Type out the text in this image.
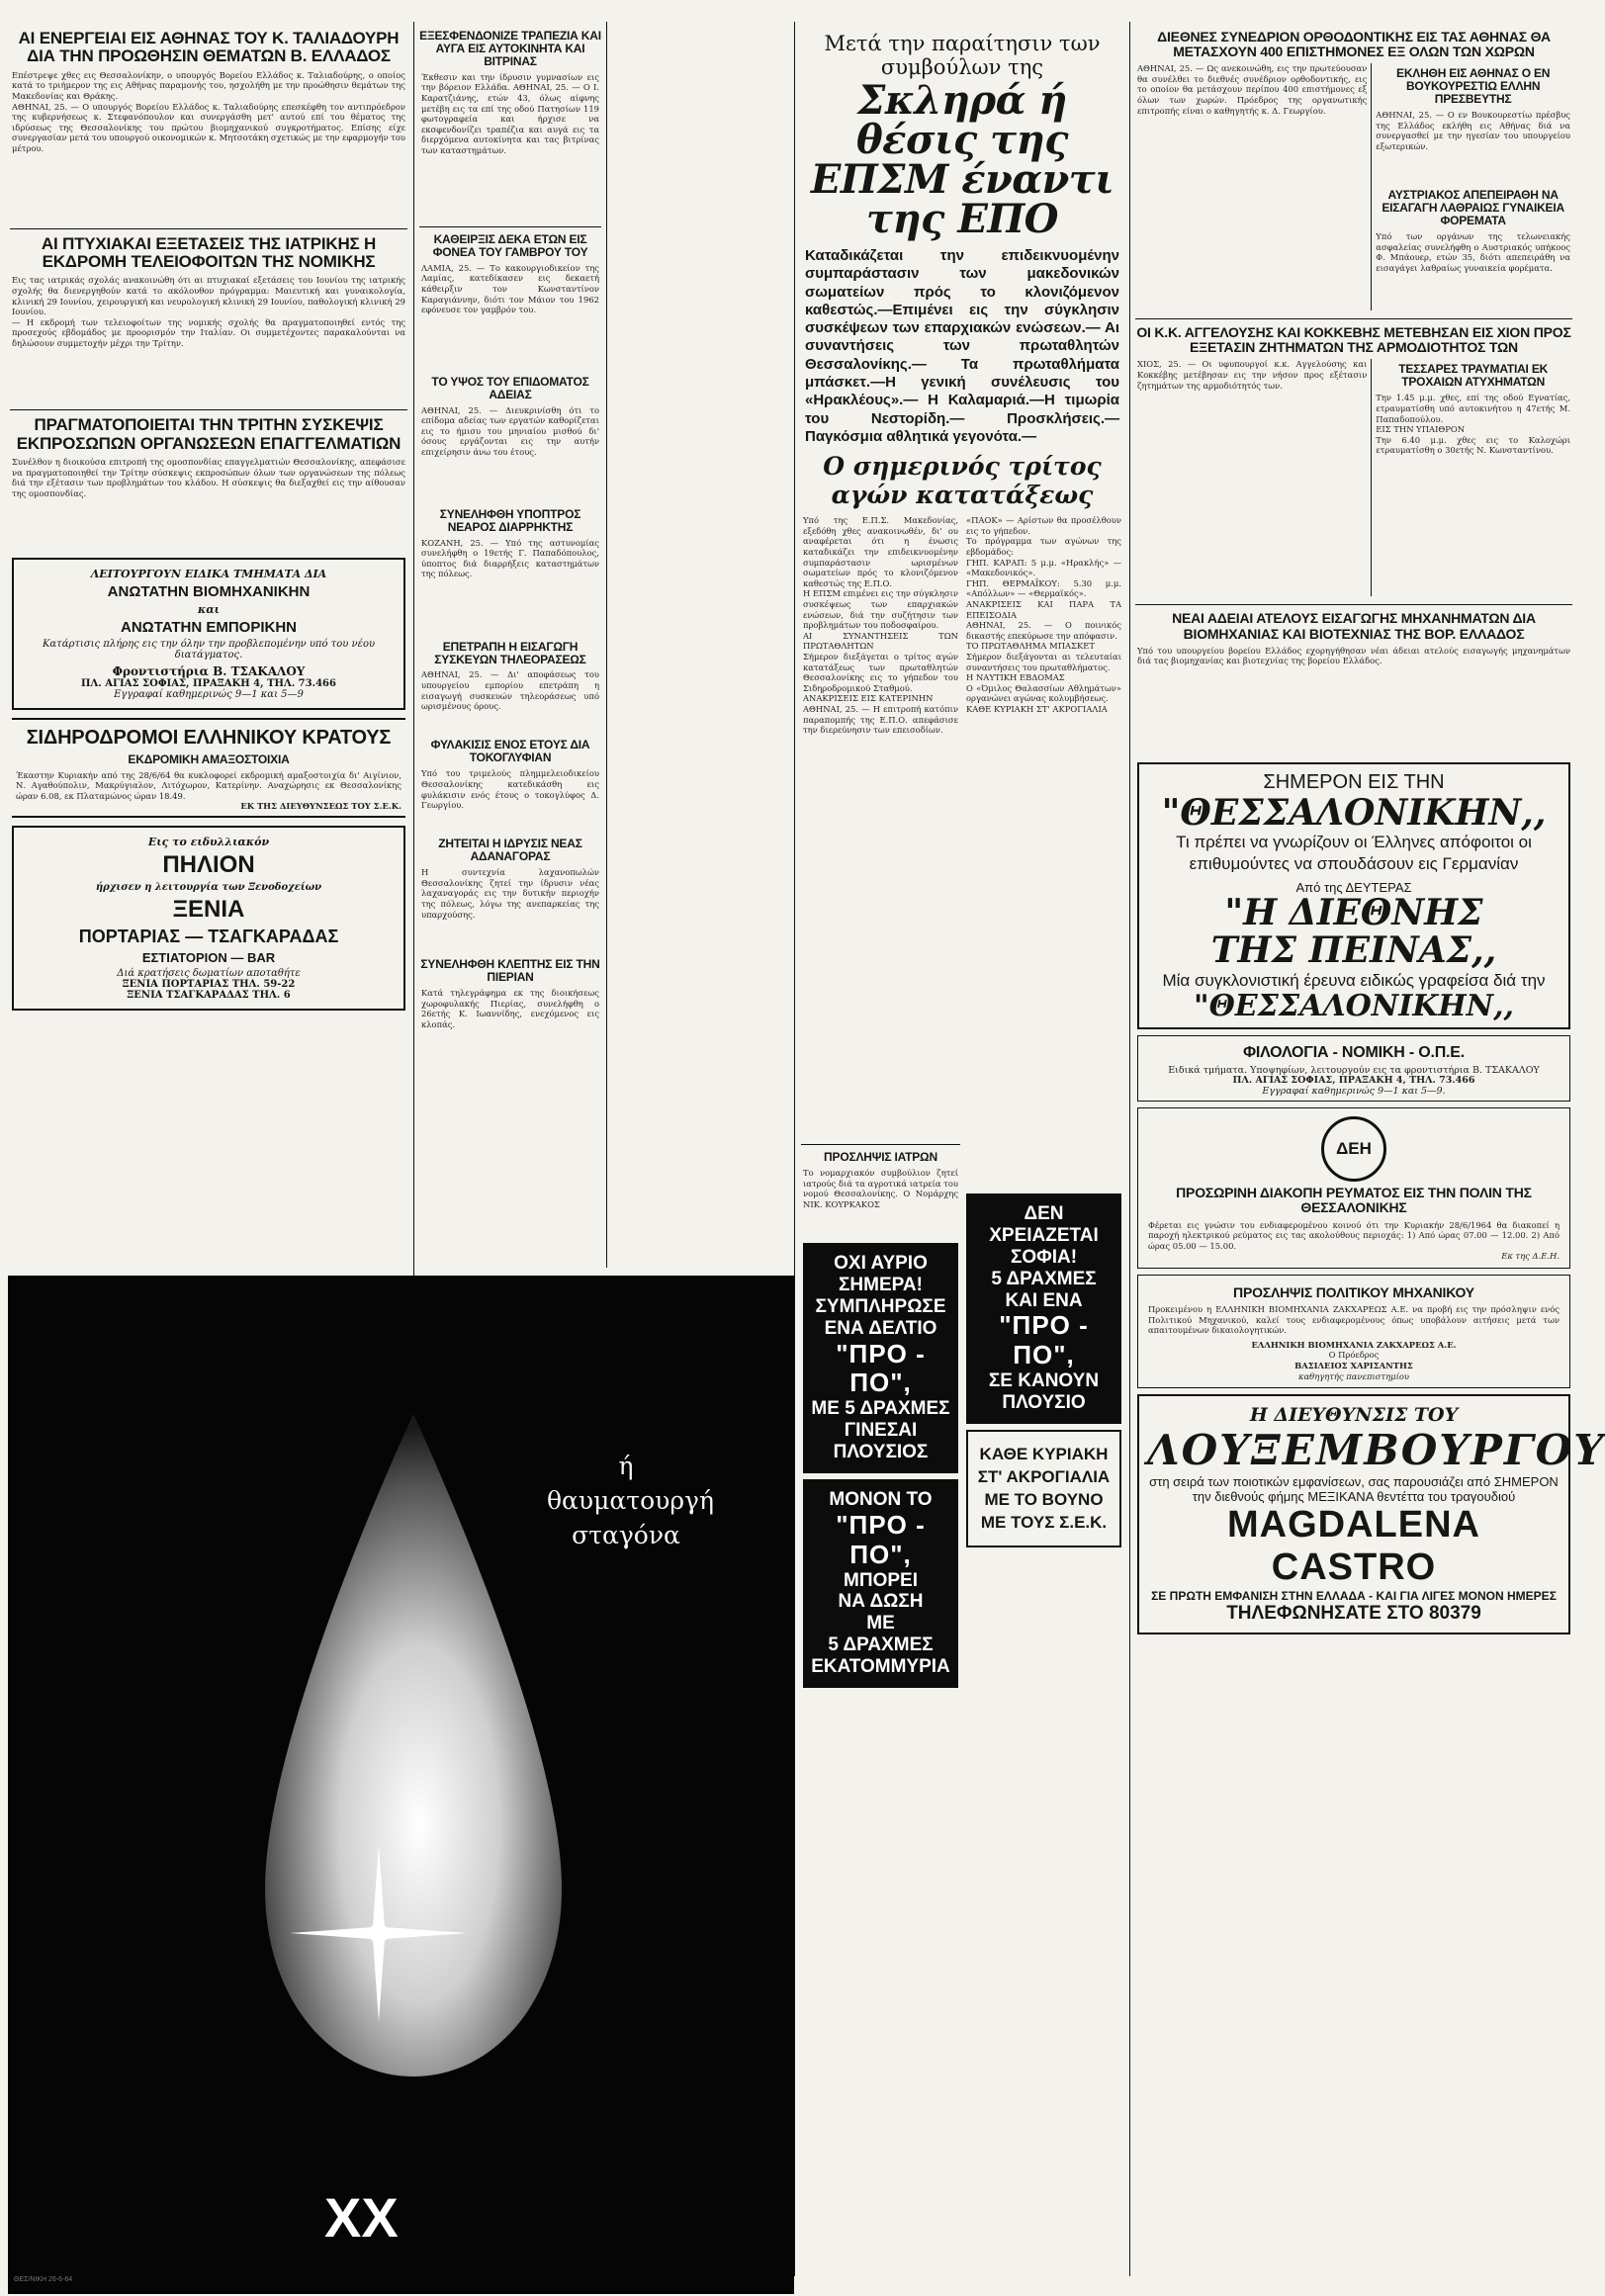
ΑΙ ΕΝΕΡΓΕΙΑΙ ΕΙΣ ΑΘΗΝΑΣ ΤΟΥ Κ. ΤΑΛΙΑΔΟΥΡΗ ΔΙΑ ΤΗΝ ΠΡΟΩΘΗΣΙΝ ΘΕΜΑΤΩΝ Β. ΕΛΛΑΔΟΣ
Επέστρεψε χθες εις Θεσσαλονίκην, ο υπουργός Βορείου Ελλάδος κ. Ταλιαδούρης, ο οποίος κατά το τριήμερον της εις Αθήνας παραμονής του, ησχολήθη με την προώθησιν θεμάτων της Μακεδονίας και Θράκης.
ΑΘΗΝΑΙ, 25. — Ο υπουργός Βορείου Ελλάδος κ. Ταλιαδούρης επεσκέφθη τον αντιπρόεδρον της κυβερνήσεως κ. Στεφανόπουλον και συνεργάσθη μετ' αυτού επί του θέματος της ιδρύσεως της Θεσσαλονίκης του πρώτου βιομηχανικού συγκροτήματος. Επίσης είχε συνεργασίαν μετά του υπουργού οικονομικών κ. Μητσοτάκη σχετικώς με την εφαρμογήν του μέτρου.
ΑΙ ΠΤΥΧΙΑΚΑΙ ΕΞΕΤΑΣΕΙΣ ΤΗΣ ΙΑΤΡΙΚΗΣ Η ΕΚΔΡΟΜΗ ΤΕΛΕΙΟΦΟΙΤΩΝ ΤΗΣ ΝΟΜΙΚΗΣ
Εις τας ιατρικάς σχολάς ανακοινώθη ότι αι πτυχιακαί εξετάσεις του Ιουνίου της ιατρικής σχολής θα διενεργηθούν κατά το ακόλουθον πρόγραμμα: Μαιευτική και γυναικολογία, κλινική 29 Ιουνίου, χειρουργική και νευρολογική κλινική 29 Ιουνίου, παθολογική κλινική 29 Ιουνίου.
— Η εκδρομή των τελειοφοίτων της νομικής σχολής θα πραγματοποιηθεί εντός της προσεχούς εβδομάδος με προορισμόν την Ιταλίαν. Οι συμμετέχοντες παρακαλούνται να δηλώσουν συμμετοχήν μέχρι την Τρίτην.
ΠΡΑΓΜΑΤΟΠΟΙΕΙΤΑΙ ΤΗΝ ΤΡΙΤΗΝ ΣΥΣΚΕΨΙΣ ΕΚΠΡΟΣΩΠΩΝ ΟΡΓΑΝΩΣΕΩΝ ΕΠΑΓΓΕΛΜΑΤΙΩΝ
Συνέλθον η διοικούσα επιτροπή της ομοσπονδίας επαγγελματιών Θεσσαλονίκης, απεφάσισε να πραγματοποιηθεί την Τρίτην σύσκεψις εκπροσώπων όλων των οργανώσεων της πόλεως διά την εξέτασιν των προβλημάτων του κλάδου. Η σύσκεψις θα διεξαχθεί εις την αίθουσαν της ομοσπονδίας.
ΛΕΙΤΟΥΡΓΟΥΝ ΕΙΔΙΚΑ ΤΜΗΜΑΤΑ ΔΙΑ
ΑΝΩΤΑΤΗΝ ΒΙΟΜΗΧΑΝΙΚΗΝ
και
ΑΝΩΤΑΤΗΝ ΕΜΠΟΡΙΚΗΝ
Κατάρτισις πλήρης εις την όλην την προβλεπομένην υπό του νέου διατάγματος.
Φροντιστήρια Β. ΤΣΑΚΑΛΟΥ
ΠΛ. ΑΓΙΑΣ ΣΟΦΙΑΣ, ΠΡΑΞΑΚΗ 4, ΤΗΛ. 73.466
Εγγραφαί καθημερινώς 9—1 και 5—9
ΣΙΔΗΡΟΔΡΟΜΟΙ ΕΛΛΗΝΙΚΟΥ ΚΡΑΤΟΥΣ
ΕΚΔΡΟΜΙΚΗ ΑΜΑΞΟΣΤΟΙΧΙΑ
Έκαστην Κυριακήν από της 28/6/64 θα κυκλοφορεί εκδρομική αμαξοστοιχία δι' Αιγίνιον, Ν. Αγαθούπολιν, Μακρύγιαλον, Λιτόχωρον, Κατερίνην. Αναχώρησις εκ Θεσσαλονίκης ώραν 6.08, εκ Πλαταμώνος ώραν 18.49.
ΕΚ ΤΗΣ ΔΙΕΥΘΥΝΣΕΩΣ ΤΟΥ Σ.Ε.Κ.
Εις το ειδυλλιακόν
ΠΗΛΙΟΝ
ήρχισεν η λειτουργία των Ξενοδοχείων
ΞΕΝΙΑ
ΠΟΡΤΑΡΙΑΣ — ΤΣΑΓΚΑΡΑΔΑΣ
ΕΣΤΙΑΤΟΡΙΟΝ — BAR
Διά κρατήσεις δωματίων αποταθήτε
ΞΕΝΙΑ ΠΟΡΤΑΡΙΑΣ ΤΗΛ. 59-22
ΞΕΝΙΑ ΤΣΑΓΚΑΡΑΔΑΣ ΤΗΛ. 6
ΕΞΕΣΦΕΝΔΟΝΙΖΕ ΤΡΑΠΕΖΙΑ ΚΑΙ ΑΥΓΑ ΕΙΣ ΑΥΤΟΚΙΝΗΤΑ ΚΑΙ ΒΙΤΡΙΝΑΣ
Έκθεσιν και την ίδρυσιν γυμνασίων εις την βόρειον Ελλάδα. ΑΘΗΝΑΙ, 25. — Ο Ι. Καρατζιάνης, ετών 43, όλως αίφνης μετέβη εις τα επί της οδού Πατησίων 119 φωτογραφεία και ήρχισε να εκσφενδονίζει τραπέζια και αυγά εις τα διερχόμενα αυτοκίνητα και τας βιτρίνας των καταστημάτων.
ΚΑΘΕΙΡΞΙΣ ΔΕΚΑ ΕΤΩΝ ΕΙΣ ΦΟΝΕΑ ΤΟΥ ΓΑΜΒΡΟΥ ΤΟΥ
ΛΑΜΙΑ, 25. — Το κακουργιοδικείον της Λαμίας, κατεδίκασεν εις δεκαετή κάθειρξιν τον Κωνσταντίνον Καραγιάννην, διότι τον Μάιον του 1962 εφόνευσε τον γαμβρόν του.
ΤΟ ΥΨΟΣ ΤΟΥ ΕΠΙΔΟΜΑΤΟΣ ΑΔΕΙΑΣ
ΑΘΗΝΑΙ, 25. — Διευκρινίσθη ότι το επίδομα αδείας των εργατών καθορίζεται εις το ήμισυ του μηνιαίου μισθού δι' όσους εργάζονται εις την αυτήν επιχείρησιν άνω του έτους.
ΣΥΝΕΛΗΦΘΗ ΥΠΟΠΤΡΟΣ ΝΕΑΡΟΣ ΔΙΑΡΡΗΚΤΗΣ
ΚΟΖΑΝΗ, 25. — Υπό της αστυνομίας συνελήφθη ο 19ετής Γ. Παπαδόπουλος, ύποπτος διά διαρρήξεις καταστημάτων της πόλεως.
ΕΠΕΤΡΑΠΗ Η ΕΙΣΑΓΩΓΗ ΣΥΣΚΕΥΩΝ ΤΗΛΕΟΡΑΣΕΩΣ
ΑΘΗΝΑΙ, 25. — Δι' αποφάσεως του υπουργείου εμπορίου επετράπη η εισαγωγή συσκευών τηλεοράσεως υπό ωρισμένους όρους.
ΦΥΛΑΚΙΣΙΣ ΕΝΟΣ ΕΤΟΥΣ ΔΙΑ ΤΟΚΟΓΛΥΦΙΑΝ
Υπό του τριμελούς πλημμελειοδικείου Θεσσαλονίκης κατεδικάσθη εις φυλάκισιν ενός έτους ο τοκογλύφος Δ. Γεωργίου.
ΖΗΤΕΙΤΑΙ Η ΙΔΡΥΣΙΣ ΝΕΑΣ ΑΔΑΝΑΓΟΡΑΣ
Η συντεχνία λαχανοπωλών Θεσσαλονίκης ζητεί την ίδρυσιν νέας λαχαναγοράς εις την δυτικήν περιοχήν της πόλεως, λόγω της ανεπαρκείας της υπαρχούσης.
ΣΥΝΕΛΗΦΘΗ ΚΛΕΠΤΗΣ ΕΙΣ ΤΗΝ ΠΙΕΡΙΑΝ
Κατά τηλεγράφημα εκ της διοικήσεως χωροφυλακής Πιερίας, συνελήφθη ο 26ετής Κ. Ιωαννίδης, ενεχόμενος εις κλοπάς.
Μετά την παραίτησιν των συμβούλων της
Σκληρά ή θέσις της ΕΠΣΜ έναντι της ΕΠΟ
Καταδικάζεται την επιδεικνυομένην συμπαράστασιν των μακεδονικών σωματείων πρός το κλονιζόμενον καθεστώς.—Επιμένει εις την σύγκλησιν συσκέψεων των επαρχιακών ενώσεων.— Αι συναντήσεις των πρωταθλητών Θεσσαλονίκης.— Τα πρωταθλήματα μπάσκετ.—Η γενική συνέλευσις του «Ηρακλέους».— Η Καλαμαριά.—Η τιμωρία του Νεστορίδη.— Προσκλήσεις.— Παγκόσμια αθλητικά γεγονότα.—
Ο σημερινός τρίτος αγών κατατάξεως
Υπό της Ε.Π.Σ. Μακεδονίας, εξεδόθη χθες ανακοινωθέν, δι' ου αναφέρεται ότι η ένωσις καταδικάζει την επιδεικνυομένην συμπαράστασιν ωρισμένων σωματείων πρός το κλονιζόμενον καθεστώς της Ε.Π.Ο.
Η ΕΠΣΜ επιμένει εις την σύγκλησιν συσκέψεως των επαρχιακών ενώσεων, διά την συζήτησιν των προβλημάτων του ποδοσφαίρου.
ΑΙ ΣΥΝΑΝΤΗΣΕΙΣ ΤΩΝ ΠΡΩΤΑΘΛΗΤΩΝ
Σήμερον διεξάγεται ο τρίτος αγών κατατάξεως των πρωταθλητών Θεσσαλονίκης εις το γήπεδον του Σιδηροδρομικού Σταθμού.
ΑΝΑΚΡΙΣΕΙΣ ΕΙΣ ΚΑΤΕΡΙΝΗΝ
ΑΘΗΝΑΙ, 25. — Η επιτροπή κατόπιν παραπομπής της Ε.Π.Ο. απεφάσισε την διερεύνησιν των επεισοδίων.
ΠΡΟΣΛΗΨΙΣ ΙΑΤΡΩΝ
Το νομαρχιακόν συμβούλιον ζητεί ιατρούς διά τα αγροτικά ιατρεία του νομού Θεσσαλονίκης. Ο Νομάρχης ΝΙΚ. ΚΟΥΡΚΑΚΟΣ
ΟΧΙ ΑΥΡΙΟ
ΣΗΜΕΡΑ!
ΣΥΜΠΛΗΡΩΣΕ
ΕΝΑ ΔΕΛΤΙΟ
"ΠΡΟ - ΠΟ",
ΜΕ 5 ΔΡΑΧΜΕΣ
ΓΙΝΕΣΑΙ
ΠΛΟΥΣΙΟΣ
ΜΟΝΟΝ ΤΟ
"ΠΡΟ - ΠΟ",
ΜΠΟΡΕΙ
ΝΑ ΔΩΣΗ
ΜΕ
5 ΔΡΑΧΜΕΣ
ΕΚΑΤΟΜΜΥΡΙΑ
«ΠΑΟΚ» — Αρίστων θα προσέλθουν εις το γήπεδον.
Το πρόγραμμα των αγώνων της εβδομάδος:
ΓΗΠ. ΚΑΡΑΠ: 5 μ.μ. «Ηρακλής» — «Μακεδονικός».
ΓΗΠ. ΘΕΡΜΑΪΚΟΥ: 5.30 μ.μ. «Απόλλων» — «Θερμαϊκός».
ΑΝΑΚΡΙΣΕΙΣ ΚΑΙ ΠΑΡΑ ΤΑ ΕΠΕΙΣΟΔΙΑ
ΑΘΗΝΑΙ, 25. — Ο ποινικός δικαστής επεκύρωσε την απόφασιν.
ΤΟ ΠΡΩΤΑΘΛΗΜΑ ΜΠΑΣΚΕΤ
Σήμερον διεξάγονται αι τελευταίαι συναντήσεις του πρωταθλήματος.
Η ΝΑΥΤΙΚΗ ΕΒΔΟΜΑΣ
Ο «Όμιλος Θαλασσίων Αθλημάτων» οργανώνει αγώνας κολυμβήσεως.
ΚΑΘΕ ΚΥΡΙΑΚΗ ΣΤ' ΑΚΡΟΓΙΑΛΙΑ
ΔΕΝ ΧΡΕΙΑΖΕΤΑΙ
ΣΟΦΙΑ!
5 ΔΡΑΧΜΕΣ
ΚΑΙ ΕΝΑ
"ΠΡΟ - ΠΟ",
ΣΕ ΚΑΝΟΥΝ
ΠΛΟΥΣΙΟ
ΚΑΘΕ ΚΥΡΙΑΚΗ
ΣΤ' ΑΚΡΟΓΙΑΛΙΑ
ΜΕ ΤΟ ΒΟΥΝΟ
ΜΕ ΤΟΥΣ Σ.Ε.Κ.
ΔΙΕΘΝΕΣ ΣΥΝΕΔΡΙΟΝ ΟΡΘΟΔΟΝΤΙΚΗΣ ΕΙΣ ΤΑΣ ΑΘΗΝΑΣ ΘΑ ΜΕΤΑΣΧΟΥΝ 400 ΕΠΙΣΤΗΜΟΝΕΣ ΕΞ ΟΛΩΝ ΤΩΝ ΧΩΡΩΝ
ΑΘΗΝΑΙ, 25. — Ως ανεκοινώθη, εις την πρωτεύουσαν θα συνέλθει το διεθνές συνέδριον ορθοδοντικής, εις το οποίον θα μετάσχουν περίπου 400 επιστήμονες εξ όλων των χωρών. Πρόεδρος της οργανωτικής επιτροπής είναι ο καθηγητής κ. Δ. Γεωργίου.
ΕΚΛΗΘΗ ΕΙΣ ΑΘΗΝΑΣ Ο ΕΝ ΒΟΥΚΟΥΡΕΣΤΙΩ ΕΛΛΗΝ ΠΡΕΣΒΕΥΤΗΣ
ΑΘΗΝΑΙ, 25. — Ο εν Βουκουρεστίω πρέσβυς της Ελλάδος εκλήθη εις Αθήνας διά να συνεργασθεί με την ηγεσίαν του υπουργείου εξωτερικών.
ΑΥΣΤΡΙΑΚΟΣ ΑΠΕΠΕΙΡΑΘΗ ΝΑ ΕΙΣΑΓΑΓΗ ΛΑΘΡΑΙΩΣ ΓΥΝΑΙΚΕΙΑ ΦΟΡΕΜΑΤΑ
Υπό των οργάνων της τελωνειακής ασφαλείας συνελήφθη ο Αυστριακός υπήκοος Φ. Μπάουερ, ετών 35, διότι απεπειράθη να εισαγάγει λαθραίως γυναικεία φορέματα.
ΟΙ Κ.Κ. ΑΓΓΕΛΟΥΣΗΣ ΚΑΙ ΚΟΚΚΕΒΗΣ ΜΕΤΕΒΗΣΑΝ ΕΙΣ ΧΙΟΝ ΠΡΟΣ ΕΞΕΤΑΣΙΝ ΖΗΤΗΜΑΤΩΝ ΤΗΣ ΑΡΜΟΔΙΟΤΗΤΟΣ ΤΩΝ
ΧΙΟΣ, 25. — Οι υφυπουργοί κ.κ. Αγγελούσης και Κοκκέβης μετέβησαν εις την νήσον προς εξέτασιν ζητημάτων της αρμοδιότητός των.
ΤΕΣΣΑΡΕΣ ΤΡΑΥΜΑΤΙΑΙ ΕΚ ΤΡΟΧΑΙΩΝ ΑΤΥΧΗΜΑΤΩΝ
Την 1.45 μ.μ. χθες, επί της οδού Εγνατίας, ετραυματίσθη υπό αυτοκινήτου η 47ετής Μ. Παπαδοπούλου.
ΕΙΣ ΤΗΝ ΥΠΑΙΘΡΟΝ
Την 6.40 μ.μ. χθες εις το Καλοχώρι ετραυματίσθη ο 30ετής Ν. Κωνσταντίνου.
ΝΕΑΙ ΑΔΕΙΑΙ ΑΤΕΛΟΥΣ ΕΙΣΑΓΩΓΗΣ ΜΗΧΑΝΗΜΑΤΩΝ ΔΙΑ ΒΙΟΜΗΧΑΝΙΑΣ ΚΑΙ ΒΙΟΤΕΧΝΙΑΣ ΤΗΣ ΒΟΡ. ΕΛΛΑΔΟΣ
Υπό του υπουργείου βορείου Ελλάδος εχορηγήθησαν νέαι άδειαι ατελούς εισαγωγής μηχανημάτων διά τας βιομηχανίας και βιοτεχνίας της βορείου Ελλάδος.
ΣΗΜΕΡΟΝ ΕΙΣ ΤΗΝ
"ΘΕΣΣΑΛΟΝΙΚΗΝ,,
Τι πρέπει να γνωρίζουν οι Έλληνες απόφοιτοι οι επιθυμούντες να σπουδάσουν εις Γερμανίαν
Από της ΔΕΥΤΕΡΑΣ
"Η ΔΙΕΘΝΗΣ
ΤΗΣ ΠΕΙΝΑΣ,,
Μία συγκλονιστική έρευνα ειδικώς γραφείσα διά την
"ΘΕΣΣΑΛΟΝΙΚΗΝ,,
ΦΙΛΟΛΟΓΙΑ - ΝΟΜΙΚΗ - Ο.Π.Ε.
Ειδικά τμήματα. Υποψηφίων, λειτουργούν εις τα φροντιστήρια Β. ΤΣΑΚΑΛΟΥ
ΠΛ. ΑΓΙΑΣ ΣΟΦΙΑΣ, ΠΡΑΞΑΚΗ 4, ΤΗΛ. 73.466
Εγγραφαί καθημερινώς 9—1 και 5—9.
ΔΕΗ
ΠΡΟΣΩΡΙΝΗ ΔΙΑΚΟΠΗ ΡΕΥΜΑΤΟΣ ΕΙΣ ΤΗΝ ΠΟΛΙΝ ΤΗΣ ΘΕΣΣΑΛΟΝΙΚΗΣ
Φέρεται εις γνώσιν του ενδιαφερομένου κοινού ότι την Κυριακήν 28/6/1964 θα διακοπεί η παροχή ηλεκτρικού ρεύματος εις τας ακολούθους περιοχάς: 1) Από ώρας 07.00 — 12.00. 2) Από ώρας 05.00 — 15.00.
Εκ της Δ.Ε.Η.
ΠΡΟΣΛΗΨΙΣ ΠΟΛΙΤΙΚΟΥ ΜΗΧΑΝΙΚΟΥ
Προκειμένου η ΕΛΛΗΝΙΚΗ ΒΙΟΜΗΧΑΝΙΑ ΖΑΚΧΑΡΕΩΣ Α.Ε. να προβή εις την πρόσληψιν ενός Πολιτικού Μηχανικού, καλεί τους ενδιαφερομένους όπως υποβάλουν αιτήσεις μετά των απαιτουμένων δικαιολογητικών.
ΕΛΛΗΝΙΚΗ ΒΙΟΜΗΧΑΝΙΑ ΖΑΚΧΑΡΕΩΣ Α.Ε.
Ο Πρόεδρος
ΒΑΣΙΛΕΙΟΣ ΧΑΡΙΣΑΝΤΗΣ
καθηγητής πανεπιστημίου
Η ΔΙΕΥΘΥΝΣΙΣ ΤΟΥ
ΛΟΥΞΕΜΒΟΥΡΓΟΥ
στη σειρά των ποιοτικών εμφανίσεων, σας παρουσιάζει από ΣΗΜΕΡΟΝ την διεθνούς φήμης ΜΕΞΙΚΑΝΑ θεντέττα του τραγουδιού
MAGDALENA CASTRO
ΣΕ ΠΡΩΤΗ ΕΜΦΑΝΙΣΗ ΣΤΗΝ ΕΛΛΑΔΑ - ΚΑΙ ΓΙΑ ΛΙΓΕΣ ΜΟΝΟΝ ΗΜΕΡΕΣ
ΤΗΛΕΦΩΝΗΣΑΤΕ ΣΤΟ 80379
ή
θαυματουργή
σταγόνα
XX
ΘΕΣ/ΝΙΚΗ 26-6-64
